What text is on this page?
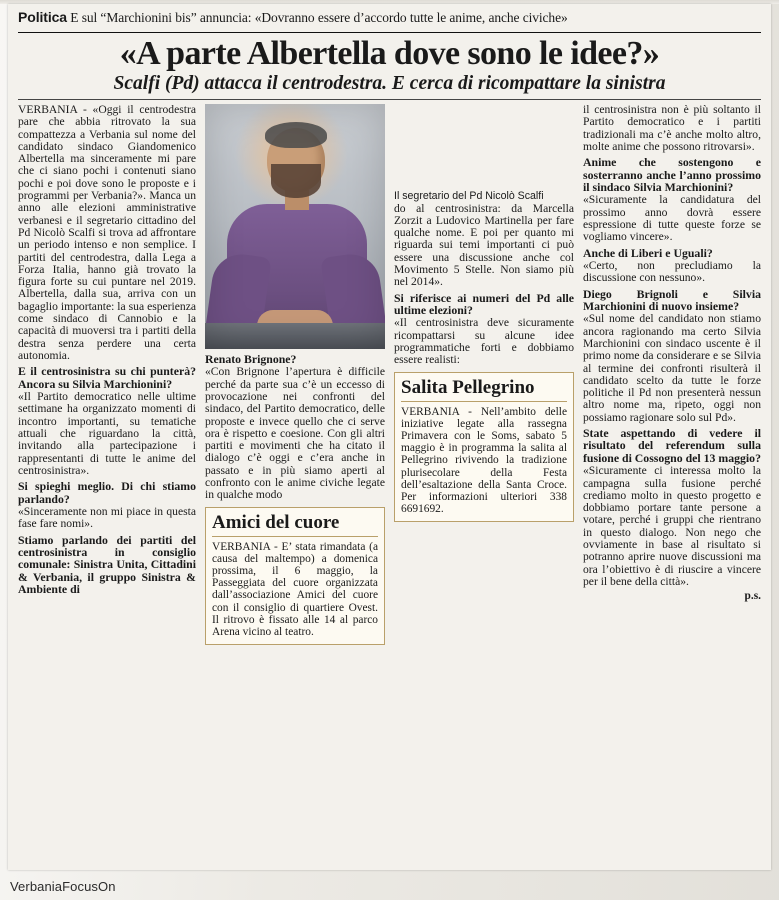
Politica E sul “Marchionini bis” annuncia: «Dovranno essere d’accordo tutte le anime, anche civiche»
«A parte Albertella dove sono le idee?»
Scalfi (Pd) attacca il centrodestra. E cerca di ricompattare la sinistra

VERBANIA - «Oggi il centrodestra pare che abbia ritrovato la sua compattezza a Verbania sul nome del candidato sindaco Giandomenico Albertella ma sinceramente mi pare che ci siano pochi i contenuti siano pochi e poi dove sono le proposte e i programmi per Verbania?». Manca un anno alle elezioni amministrative verbanesi e il segretario cittadino del Pd Nicolò Scalfi si trova ad affrontare un periodo intenso e non semplice. I partiti del centrodestra, dalla Lega a Forza Italia, hanno già trovato la figura forte su cui puntare nel 2019. Albertella, dalla sua, arriva con un bagaglio importante: la sua esperienza come sindaco di Cannobio e la capacità di muoversi tra i partiti della destra senza perdere una certa autonomia.

E il centrosinistra su chi punterà? Ancora su Silvia Marchionini?

«Il Partito democratico nelle ultime settimane ha organizzato momenti di incontro importanti, su tematiche attuali che riguardano la città, invitando alla partecipazione i rappresentanti di tutte le anime del centrosinistra».

Si spieghi meglio. Di chi stiamo parlando?

«Sinceramente non mi piace in questa fase fare nomi».

Stiamo parlando dei partiti del centrosinistra in consiglio comunale: Sinistra Unita, Cittadini & Verbania, il gruppo Sinistra & Ambiente di

Renato Brignone?

«Con Brignone l’apertura è difficile perché da parte sua c’è un eccesso di provocazione nei confronti del sindaco, del Partito democratico, delle proposte e invece quello che ci serve ora è rispetto e coesione. Con gli altri partiti e movimenti che ha citato il dialogo c’è oggi e c’era anche in passato e in più siamo aperti al confronto con le anime civiche legate in qualche modo

Amici del cuore

VERBANIA - E’ stata rimandata (a causa del maltempo) a domenica prossima, il 6 maggio, la Passeggiata del cuore organizzata dall’associazione Amici del cuore con il consiglio di quartiere Ovest. Il ritrovo è fissato alle 14 al parco Arena vicino al teatro.

Il segretario del Pd Nicolò Scalfi

do al centrosinistra: da Marcella Zorzit a Ludovico Martinella per fare qualche nome. E poi per quanto mi riguarda sui temi importanti ci può essere una discussione anche col Movimento 5 Stelle. Non siamo più nel 2014».

Si riferisce ai numeri del Pd alle ultime elezioni?

«Il centrosinistra deve sicuramente ricompattarsi su alcune idee programmatiche forti e dobbiamo essere realisti:

Salita Pellegrino

VERBANIA - Nell’ambito delle iniziative legate alla rassegna Primavera con le Soms, sabato 5 maggio è in programma la salita al Pellegrino rivivendo la tradizione plurisecolare della Festa dell’esaltazione della Santa Croce. Per informazioni ulteriori 338 6691692.

il centrosinistra non è più soltanto il Partito democratico e i partiti tradizionali ma c’è anche molto altro, molte anime che possono ritrovarsi».

Anime che sostengono e sosterranno anche l’anno prossimo il sindaco Silvia Marchionini?

«Sicuramente la candidatura del prossimo anno dovrà essere espressione di tutte queste forze se vogliamo vincere».

Anche di Liberi e Uguali?

«Certo, non precludiamo la discussione con nessuno».

Diego Brignoli e Silvia Marchionini di nuovo insieme?

«Sul nome del candidato non stiamo ancora ragionando ma certo Silvia Marchionini con sindaco uscente è il primo nome da considerare e se Silvia al termine dei confronti risulterà il candidato scelto da tutte le forze politiche il Pd non presenterà nessun altro nome ma, ripeto, oggi non possiamo ragionare solo sul Pd».

State aspettando di vedere il risultato del referendum sulla fusione di Cossogno del 13 maggio?

«Sicuramente ci interessa molto la campagna sulla fusione perché crediamo molto in questo progetto e dobbiamo portare tante persone a votare, perché i gruppi che rientrano in questo dialogo. Non nego che ovviamente in base al risultato si potranno aprire nuove discussioni ma ora l’obiettivo è di riuscire a vincere per il bene della città».

p.s.
VerbaniaFocusOn
